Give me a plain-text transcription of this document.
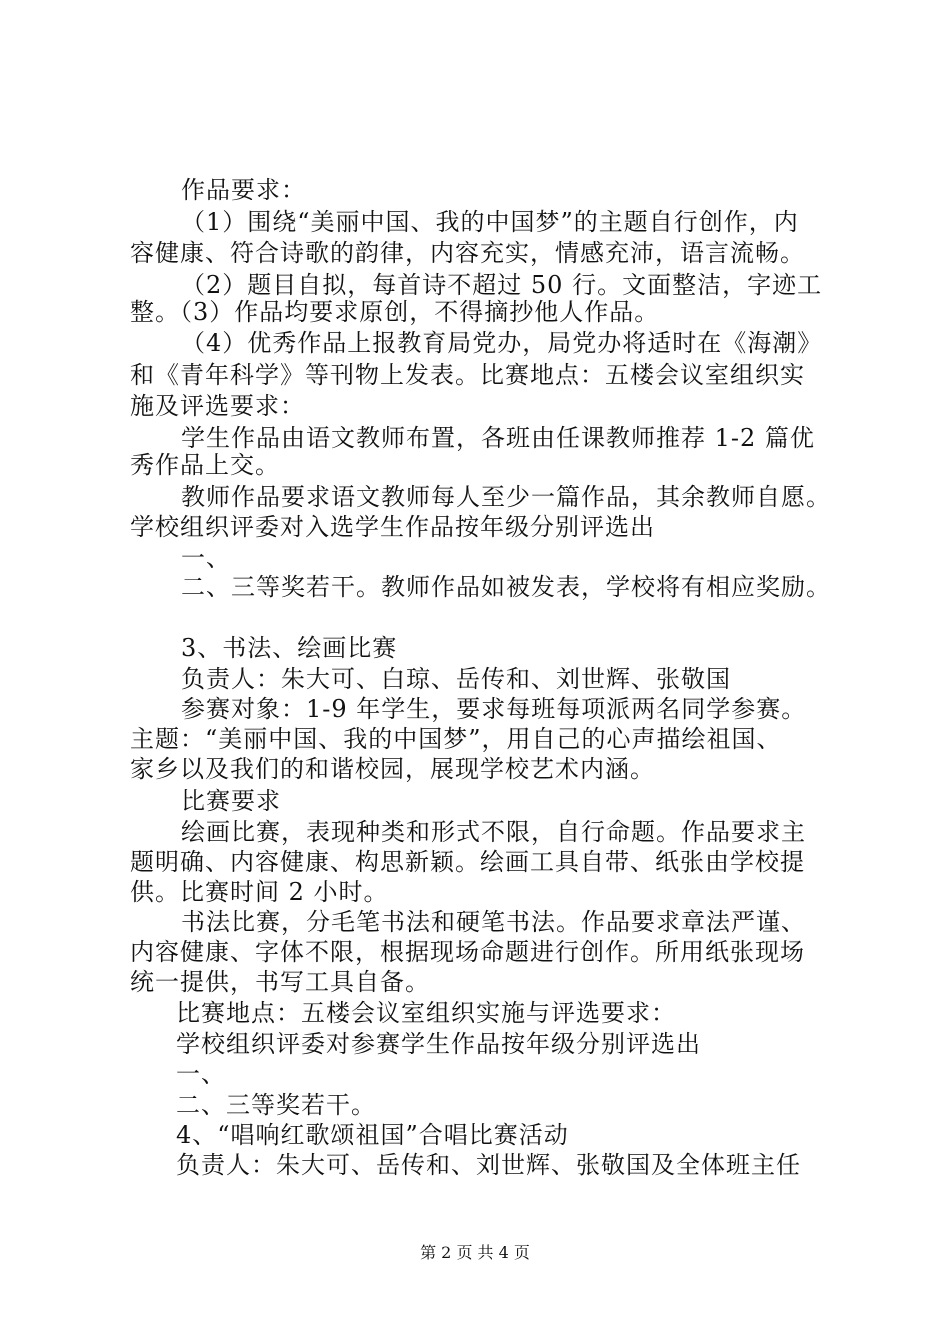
作品要求：
（1）围绕“美丽中国、我的中国梦”的主题自行创作，内
容健康、符合诗歌的韵律，内容充实，情感充沛，语言流畅。
（2）题目自拟，每首诗不超过 50 行。文面整洁，字迹工
整。（3）作品均要求原创，不得摘抄他人作品。
（4）优秀作品上报教育局党办，局党办将适时在《海潮》
和《青年科学》等刊物上发表。比赛地点：五楼会议室组织实
施及评选要求：
学生作品由语文教师布置，各班由任课教师推荐 1-2 篇优
秀作品上交。
教师作品要求语文教师每人至少一篇作品，其余教师自愿。
学校组织评委对入选学生作品按年级分别评选出
一、
二、三等奖若干。教师作品如被发表，学校将有相应奖励。
3、书法、绘画比赛
负责人：朱大可、白琼、岳传和、刘世辉、张敬国
参赛对象：1-9 年学生，要求每班每项派两名同学参赛。
主题：“美丽中国、我的中国梦”，用自己的心声描绘祖国、
家乡以及我们的和谐校园，展现学校艺术内涵。
比赛要求
绘画比赛，表现种类和形式不限，自行命题。作品要求主
题明确、内容健康、构思新颖。绘画工具自带、纸张由学校提
供。比赛时间 2 小时。
书法比赛，分毛笔书法和硬笔书法。作品要求章法严谨、
内容健康、字体不限，根据现场命题进行创作。所用纸张现场
统一提供，书写工具自备。
比赛地点：五楼会议室组织实施与评选要求：
学校组织评委对参赛学生作品按年级分别评选出
一、
二、三等奖若干。
4、“唱响红歌颂祖国”合唱比赛活动
负责人：朱大可、岳传和、刘世辉、张敬国及全体班主任
第 2 页 共 4 页
